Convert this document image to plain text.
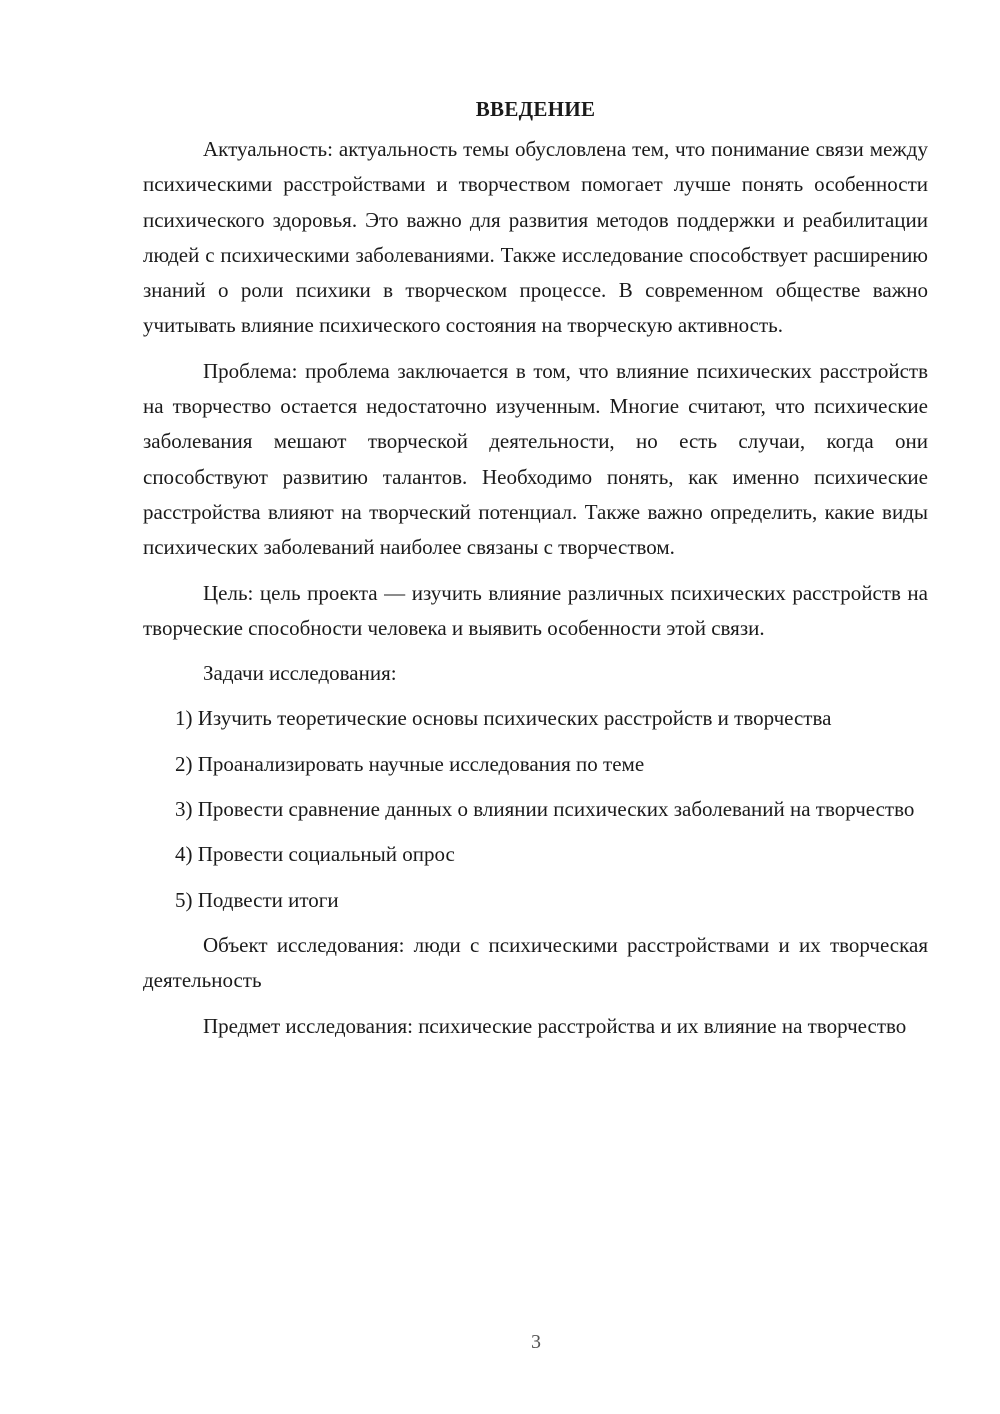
ВВЕДЕНИЕ

Актуальность: актуальность темы обусловлена тем, что понимание связи между психическими расстройствами и творчеством помогает лучше понять особенности психического здоровья. Это важно для развития методов поддержки и реабилитации людей с психическими заболеваниями. Также исследование способствует расширению знаний о роли психики в творческом процессе. В современном обществе важно учитывать влияние психического состояния на творческую активность.

Проблема: проблема заключается в том, что влияние психических расстройств на творчество остается недостаточно изученным. Многие считают, что психические заболевания мешают творческой деятельности, но есть случаи, когда они способствуют развитию талантов. Необходимо понять, как именно психические расстройства влияют на творческий потенциал. Также важно определить, какие виды психических заболеваний наиболее связаны с творчеством.

Цель: цель проекта — изучить влияние различных психических расстройств на творческие способности человека и выявить особенности этой связи.

Задачи исследования:

1) Изучить теоретические основы психических расстройств и творчества

2) Проанализировать научные исследования по теме

3) Провести сравнение данных о влиянии психических заболеваний на творчество

4) Провести социальный опрос

5) Подвести итоги

Объект исследования: люди с психическими расстройствами и их творческая деятельность

Предмет исследования: психические расстройства и их влияние на творчество

3
